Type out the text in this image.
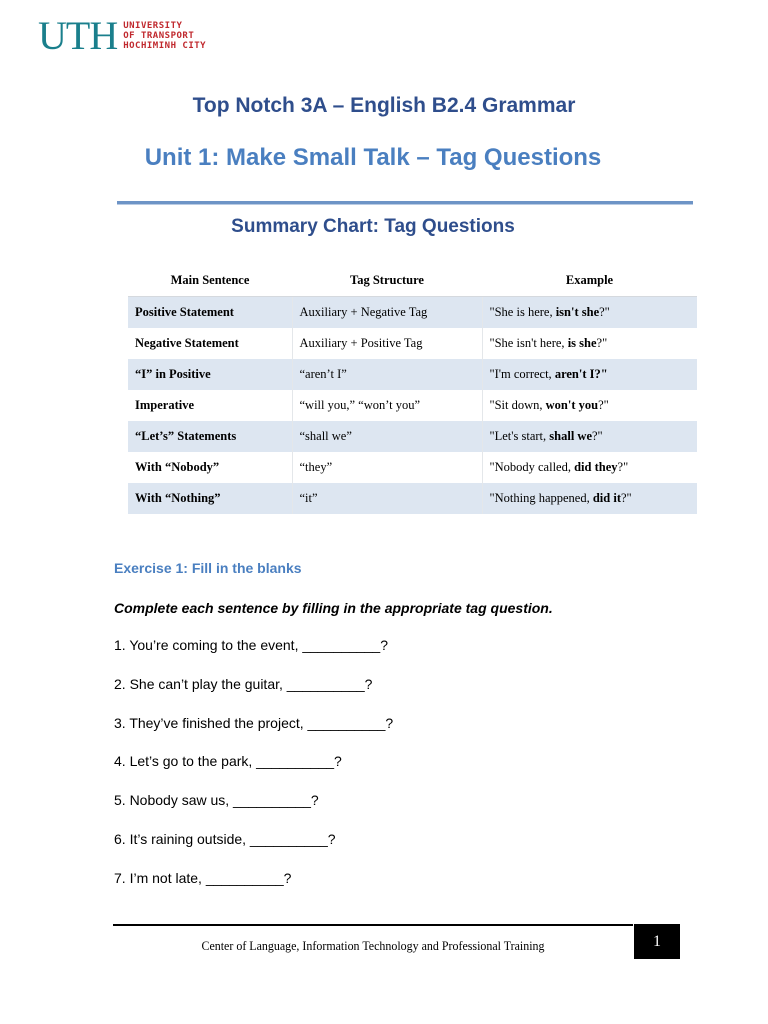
UTH UNIVERSITY
OF TRANSPORT
HOCHIMINH CITY
Top Notch 3A – English B2.4 Grammar
Unit 1: Make Small Talk – Tag Questions
Summary Chart: Tag Questions
Main Sentence	Tag Structure	Example
Positive Statement	Auxiliary + Negative Tag	"She is here, isn't she?"
Negative Statement	Auxiliary + Positive Tag	"She isn't here, is she?"
“I” in Positive	“aren’t I”	"I'm correct, aren't I?"
Imperative	“will you,” “won’t you”	"Sit down, won't you?"
“Let’s” Statements	“shall we”	"Let's start, shall we?"
With “Nobody”	“they”	"Nobody called, did they?"
With “Nothing”	“it”	"Nothing happened, did it?"
Exercise 1: Fill in the blanks
Complete each sentence by filling in the appropriate tag question.
1. You’re coming to the event, __________?
2. She can’t play the guitar, __________?
3. They’ve finished the project, __________?
4. Let’s go to the park, __________?
5. Nobody saw us, __________?
6. It’s raining outside, __________?
7. I’m not late, __________?
Center of Language, Information Technology and Professional Training	1
